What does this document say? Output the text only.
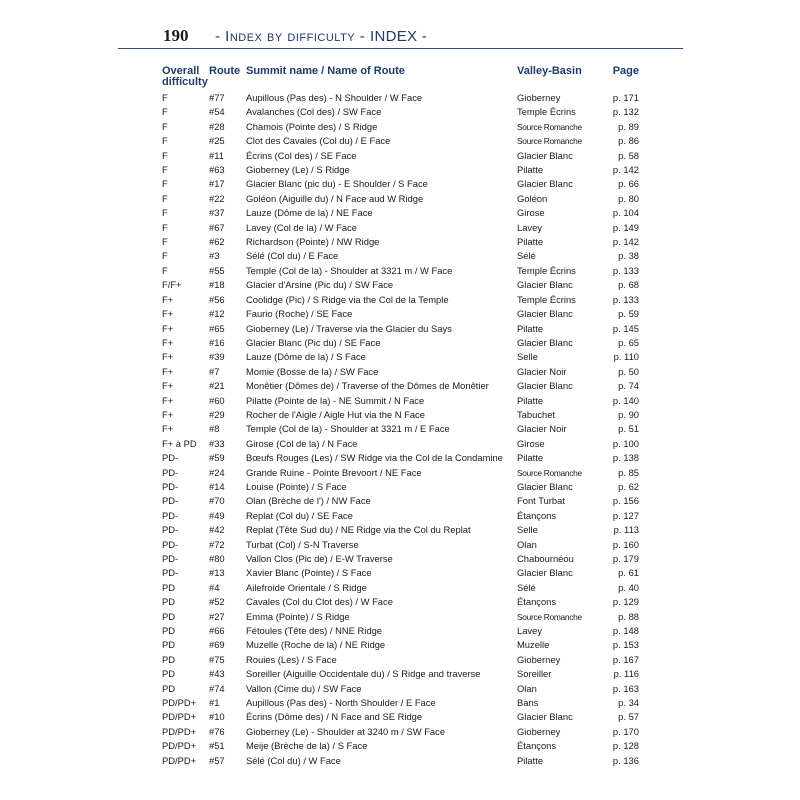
190 - Index by difficulty - INDEX -
Overall difficulty	Route	Summit name / Name of Route	Valley-Basin	Page
F	#77	Aupillous (Pas des) - N Shoulder / W Face	Gioberney	p. 171
F	#54	Avalanches (Col des) / SW Face	Temple Écrins	p. 132
F	#28	Chamois (Pointe des) / S Ridge	Source Romanche	p. 89
F	#25	Clot des Cavales (Col du) / E Face	Source Romanche	p. 86
F	#11	Écrins (Col des) / SE Face	Glacier Blanc	p. 58
F	#63	Gioberney (Le) / S Ridge	Pilatte	p. 142
F	#17	Glacier Blanc (pic du) - E Shoulder / S Face	Glacier Blanc	p. 66
F	#22	Goléon (Aiguille du) / N Face aud W Ridge	Goléon	p. 80
F	#37	Lauze (Dôme de la) / NE Face	Girose	p. 104
F	#67	Lavey (Col de la) / W Face	Lavey	p. 149
F	#62	Richardson (Pointe) / NW Ridge	Pilatte	p. 142
F	#3	Sélé (Col du) / E Face	Sélé	p. 38
F	#55	Temple (Col de la) - Shoulder at 3321 m / W Face	Temple Écrins	p. 133
F/F+	#18	Glacier d'Arsine (Pic du) / SW Face	Glacier Blanc	p. 68
F+	#56	Coolidge (Pic) / S Ridge via the Col de la Temple	Temple Écrins	p. 133
F+	#12	Faurio (Roche) / SE Face	Glacier Blanc	p. 59
F+	#65	Gioberney (Le) / Traverse via the Glacier du Says	Pilatte	p. 145
F+	#16	Glacier Blanc (Pic du) / SE Face	Glacier Blanc	p. 65
F+	#39	Lauze (Dôme de la) / S Face	Selle	p. 110
F+	#7	Momie (Bosse de la) / SW Face	Glacier Noir	p. 50
F+	#21	Monêtier (Dômes de) / Traverse of the Dômes de Monêtier	Glacier Blanc	p. 74
F+	#60	Pilatte (Pointe de la) - NE Summit / N Face	Pilatte	p. 140
F+	#29	Rocher de l'Aigle / Aigle Hut via the N Face	Tabuchet	p. 90
F+	#8	Temple (Col de la) - Shoulder at 3321 m / E Face	Glacier Noir	p. 51
F+ à PD	#33	Girose (Col de la) / N Face	Girose	p. 100
PD-	#59	Bœufs Rouges (Les) / SW Ridge via the Col de la Condamine	Pilatte	p. 138
PD-	#24	Grande Ruine - Pointe Brevoort / NE Face	Source Romanche	p. 85
PD-	#14	Louise (Pointe) / S Face	Glacier Blanc	p. 62
PD-	#70	Olan (Brèche de l') / NW Face	Font Turbat	p. 156
PD-	#49	Replat (Col du) / SE Face	Étançons	p. 127
PD-	#42	Replat (Tête Sud du) / NE Ridge via the Col du Replat	Selle	p. 113
PD-	#72	Turbat (Col) / S-N Traverse	Olan	p. 160
PD-	#80	Vallon Clos (Pic de) / E-W Traverse	Chabournéou	p. 179
PD-	#13	Xavier Blanc (Pointe) / S Face	Glacier Blanc	p. 61
PD	#4	Ailefroide Orientale / S Ridge	Sélé	p. 40
PD	#52	Cavales (Col du Clot des) / W Face	Étançons	p. 129
PD	#27	Emma (Pointe) / S Ridge	Source Romanche	p. 88
PD	#66	Fétoules (Tête des) / NNE Ridge	Lavey	p. 148
PD	#69	Muzelle (Roche de la) / NE Ridge	Muzelle	p. 153
PD	#75	Rouies (Les) / S Face	Gioberney	p. 167
PD	#43	Soreiller (Aiguille Occidentale du) / S Ridge and traverse	Soreiller	p. 116
PD	#74	Vallon (Cime du) / SW Face	Olan	p. 163
PD/PD+	#1	Aupillous (Pas des) - North Shoulder / E Face	Bans	p. 34
PD/PD+	#10	Écrins (Dôme des) / N Face and SE Ridge	Glacier Blanc	p. 57
PD/PD+	#76	Gioberney (Le) - Shoulder at 3240 m / SW Face	Gioberney	p. 170
PD/PD+	#51	Meije (Brèche de la) / S Face	Étançons	p. 128
PD/PD+	#57	Sélé (Col du) / W Face	Pilatte	p. 136
